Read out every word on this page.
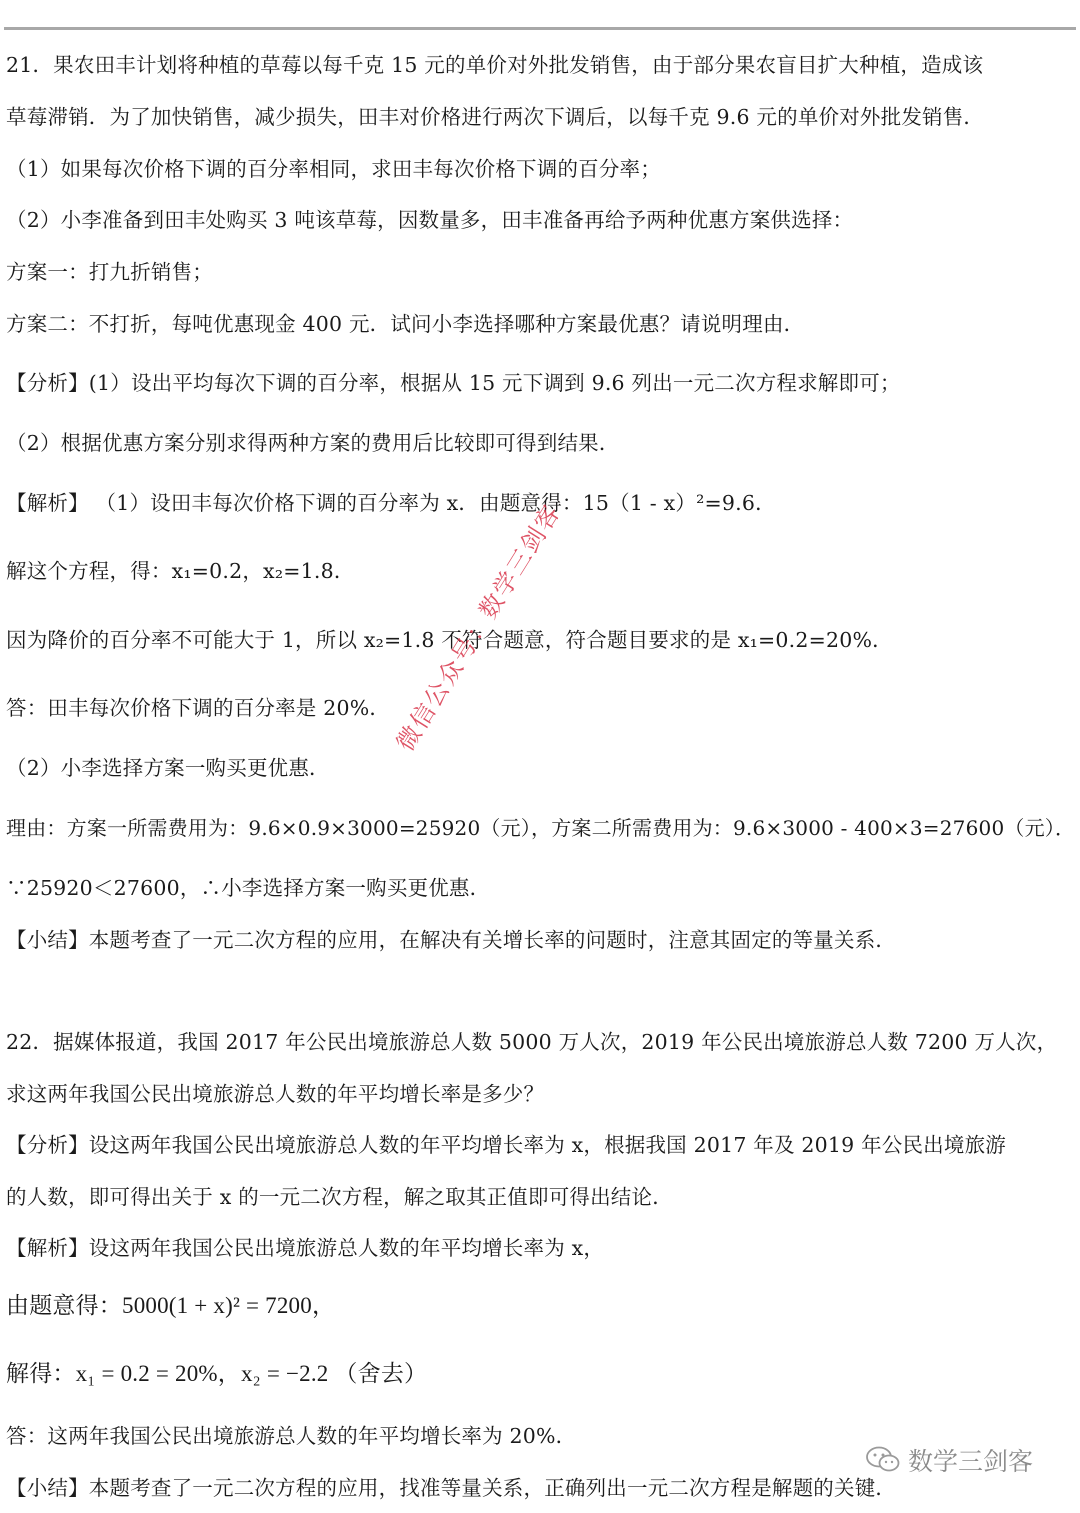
21．果农田丰计划将种植的草莓以每千克 15 元的单价对外批发销售，由于部分果农盲目扩大种植，造成该
草莓滞销．为了加快销售，减少损失，田丰对价格进行两次下调后，以每千克 9.6 元的单价对外批发销售．
（1）如果每次价格下调的百分率相同，求田丰每次价格下调的百分率；
（2）小李准备到田丰处购买 3 吨该草莓，因数量多，田丰准备再给予两种优惠方案供选择：
方案一：打九折销售；
方案二：不打折，每吨优惠现金 400 元．试问小李选择哪种方案最优惠？请说明理由．
【分析】(1）设出平均每次下调的百分率，根据从 15 元下调到 9.6 列出一元二次方程求解即可；
（2）根据优惠方案分别求得两种方案的费用后比较即可得到结果．
【解析】 （1）设田丰每次价格下调的百分率为 x．由题意得：15（1 - x）²=9.6．
解这个方程，得：x₁=0.2，x₂=1.8．
因为降价的百分率不可能大于 1，所以 x₂=1.8 不符合题意，符合题目要求的是 x₁=0.2=20%．
答：田丰每次价格下调的百分率是 20%．
（2）小李选择方案一购买更优惠．
理由：方案一所需费用为：9.6×0.9×3000=25920（元），方案二所需费用为：9.6×3000 - 400×3=27600（元）．
∵25920＜27600，∴小李选择方案一购买更优惠．
【小结】本题考查了一元二次方程的应用，在解决有关增长率的问题时，注意其固定的等量关系．
22．据媒体报道，我国 2017 年公民出境旅游总人数 5000 万人次，2019 年公民出境旅游总人数 7200 万人次，
求这两年我国公民出境旅游总人数的年平均增长率是多少？
【分析】设这两年我国公民出境旅游总人数的年平均增长率为 x，根据我国 2017 年及 2019 年公民出境旅游
的人数，即可得出关于 x 的一元二次方程，解之取其正值即可得出结论．
【解析】设这两年我国公民出境旅游总人数的年平均增长率为 x，
由题意得：5000(1 + x)² = 7200，
解得：x₁ = 0.2 = 20%，x₂ = −2.2 （舍去）
答：这两年我国公民出境旅游总人数的年平均增长率为 20%．
【小结】本题考查了一元二次方程的应用，找准等量关系，正确列出一元二次方程是解题的关键．
微信公众号：数学三剑客
数学三剑客
